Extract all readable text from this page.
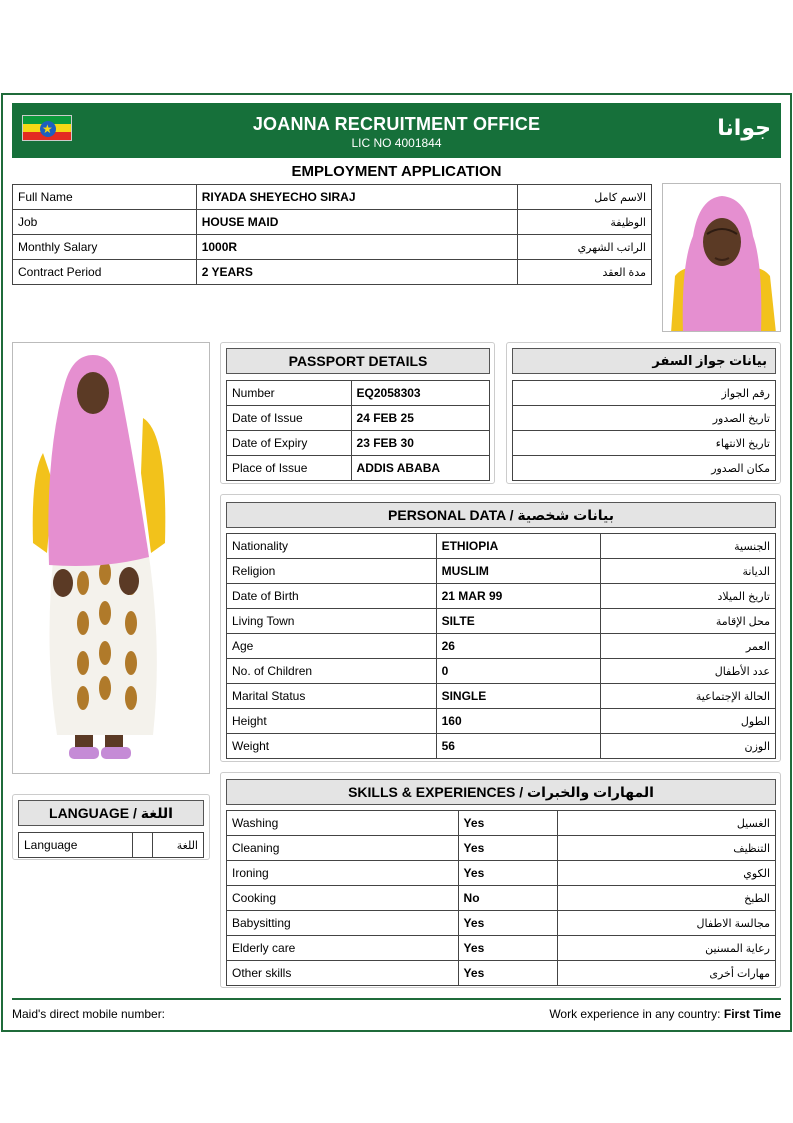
★
JOANNA RECRUITMENT OFFICE
LIC NO 4001844
جوانا
EMPLOYMENT APPLICATION
Full Name	RIYADA SHEYECHO SIRAJ	الاسم كامل
Job	HOUSE MAID	الوظيفة
Monthly Salary	1000R	الراتب الشهري
Contract Period	2 YEARS	مدة العقد
PASSPORT DETAILS
Number	EQ2058303
Date of Issue	24 FEB 25
Date of Expiry	23 FEB 30
Place of Issue	ADDIS ABABA
بيانات جواز السفر
رقم الجواز
تاريخ الصدور
تاريخ الانتهاء
مكان الصدور
PERSONAL DATA / بيانات شخصية
Nationality	ETHIOPIA	الجنسية
Religion	MUSLIM	الديانة
Date of Birth	21 MAR 99	تاريخ الميلاد
Living Town	SILTE	محل الإقامة
Age	26	العمر
No. of Children	0	عدد الأطفال
Marital Status	SINGLE	الحالة الإجتماعية
Height	160	الطول
Weight	56	الوزن
LANGUAGE / اللغة
Language		اللغة
SKILLS & EXPERIENCES / المهارات والخبرات
Washing	Yes	الغسيل
Cleaning	Yes	التنظيف
Ironing	Yes	الكوي
Cooking	No	الطبخ
Babysitting	Yes	مجالسة الاطفال
Elderly care	Yes	رعاية المسنين
Other skills	Yes	مهارات أخرى
Maid's direct mobile number:	Work experience in any country: First Time
